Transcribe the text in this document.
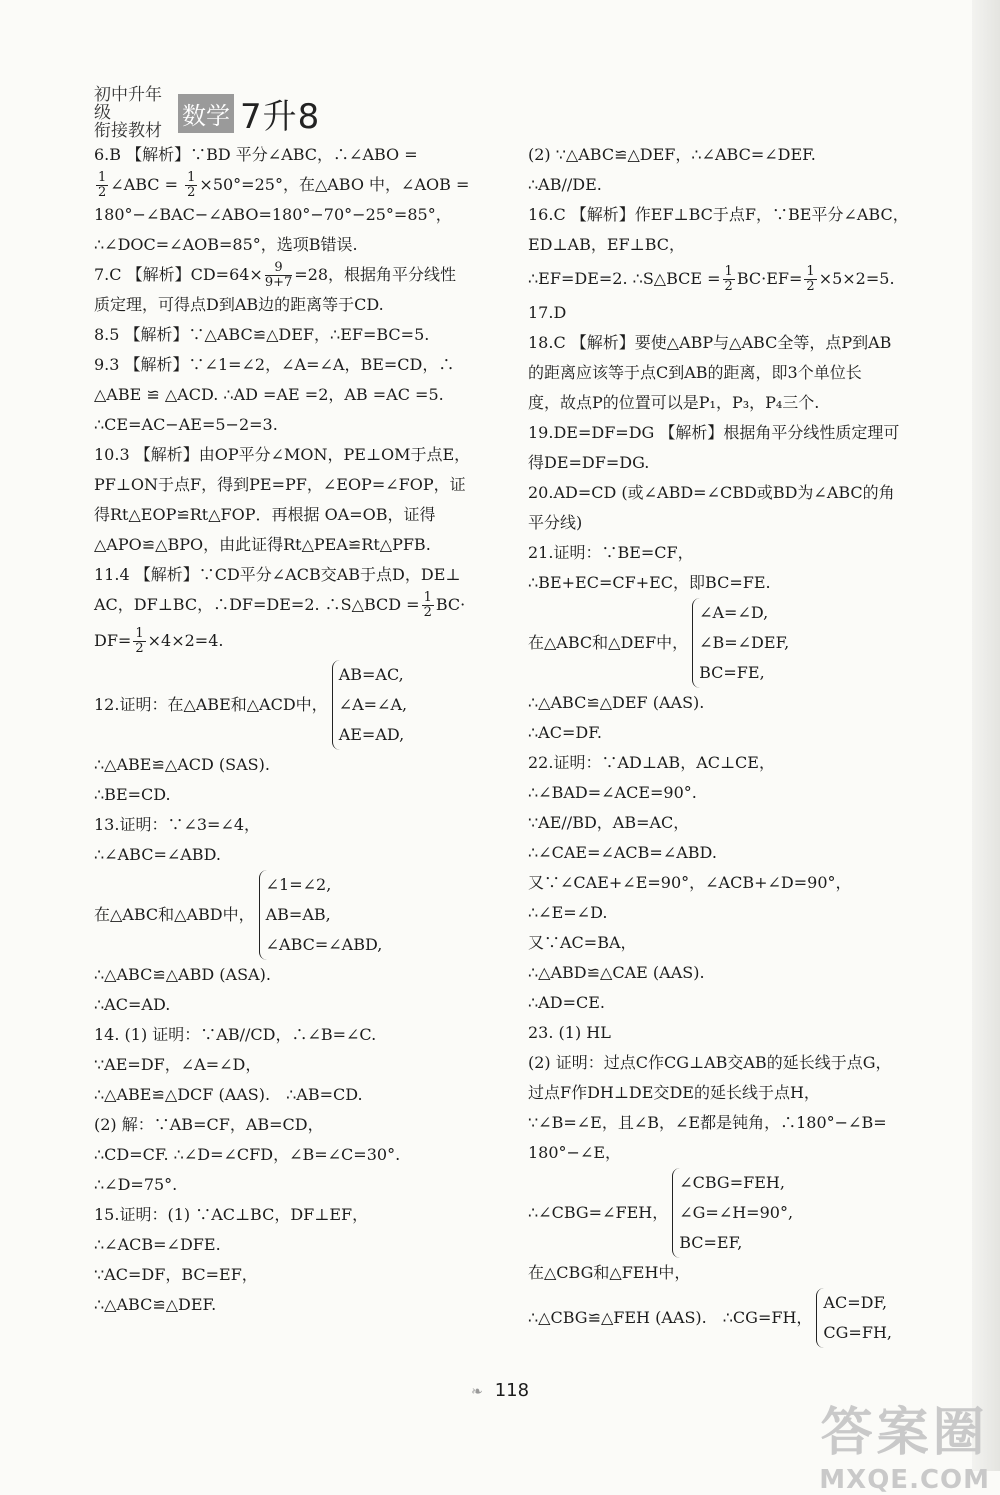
初中升年级
衔接教材
数学 7升8
6.B 【解析】∵BD 平分∠ABC，∴∠ABO =
$\frac{1}{2}$ ∠ABC = $\frac{1}{2} \times 50^\circ=25^\circ$，在△ABO 中，∠AOB =
180°−∠BAC−∠ABO=180°−70°−25°=85°，
∴∠DOC=∠AOB=85°，选项B错误.
7.C 【解析】$CD=64\times \frac{9}{9+7} =28$，根据角平分线性
质定理，可得点D到AB边的距离等于CD.
8.5 【解析】∵△ABC≌△DEF，∴EF=BC=5.
9.3 【解析】∵∠1=∠2，∠A=∠A，BE=CD，∴
△ABE ≌ △ACD. ∴AD =AE =2，AB =AC =5.
∴CE=AC−AE=5−2=3.
10.3 【解析】由OP平分∠MON，PE⊥OM于点E，
PF⊥ON于点F，得到PE=PF，∠EOP=∠FOP，证
得Rt△EOP≌Rt△FOP．再根据 OA=OB，证得
△APO≌△BPO，由此证得Rt△PEA≌Rt△PFB.
11.4 【解析】∵CD平分∠ACB交AB于点D，DE⊥
AC，DF⊥BC，∴DF=DE=2. ∴S△BCD = $\frac{1}{2} BC\cdot$
$DF= \frac{1}{2} \times 4\times 2=4$.
12.证明：在△ABE和△ACD中，
AB=AC,
∠A=∠A,
AE=AD,
∴△ABE≌△ACD (SAS).
∴BE=CD.
13.证明：∵∠3=∠4，
∴∠ABC=∠ABD.
在△ABC和△ABD中，
∠1=∠2,
AB=AB,
∠ABC=∠ABD,
∴△ABC≌△ABD (ASA).
∴AC=AD.
14. (1) 证明：∵AB//CD，∴∠B=∠C.
∵AE=DF，∠A=∠D，
∴△ABE≌△DCF (AAS).　∴AB=CD.
(2) 解：∵AB=CF，AB=CD，
∴CD=CF. ∴∠D=∠CFD，∠B=∠C=30°.
∴∠D=75°.
15.证明：(1) ∵AC⊥BC，DF⊥EF，
∴∠ACB=∠DFE.
∵AC=DF，BC=EF，
∴△ABC≌△DEF.
(2) ∵△ABC≌△DEF，∴∠ABC=∠DEF.
∴AB//DE.
16.C 【解析】作EF⊥BC于点F，∵BE平分∠ABC，
ED⊥AB，EF⊥BC，
∴EF=DE=2. ∴S△BCE = $\frac{1}{2} BC\cdot EF= \frac{1}{2} \times 5\times 2=5$.
17.D
18.C 【解析】要使△ABP与△ABC全等，点P到AB
的距离应该等于点C到AB的距离，即3个单位长
度，故点P的位置可以是P₁，P₃，P₄三个.
19.DE=DF=DG 【解析】根据角平分线性质定理可
得DE=DF=DG.
20.AD=CD (或∠ABD=∠CBD或BD为∠ABC的角
平分线)
21.证明：∵BE=CF，
∴BE+EC=CF+EC，即BC=FE.
在△ABC和△DEF中，
∠A=∠D,
∠B=∠DEF,
BC=FE,
∴△ABC≌△DEF (AAS).
∴AC=DF.
22.证明：∵AD⊥AB，AC⊥CE，
∴∠BAD=∠ACE=90°.
∵AE//BD，AB=AC，
∴∠CAE=∠ACB=∠ABD.
又∵∠CAE+∠E=90°，∠ACB+∠D=90°，
∴∠E=∠D.
又∵AC=BA，
∴△ABD≌△CAE (AAS).
∴AD=CE.
23. (1) HL
(2) 证明：过点C作CG⊥AB交AB的延长线于点G，
过点F作DH⊥DE交DE的延长线于点H，
∵∠B=∠E，且∠B，∠E都是钝角，∴180°−∠B=
180°−∠E，
∴∠CBG=∠FEH，
∠CBG=FEH,
∠G=∠H=90°,
BC=EF,
在△CBG和△FEH中，
∴△CBG≌△FEH (AAS).　∴CG=FH，
AC=DF,
CG=FH,
❧ 118
答案圈
MXQE.COM
